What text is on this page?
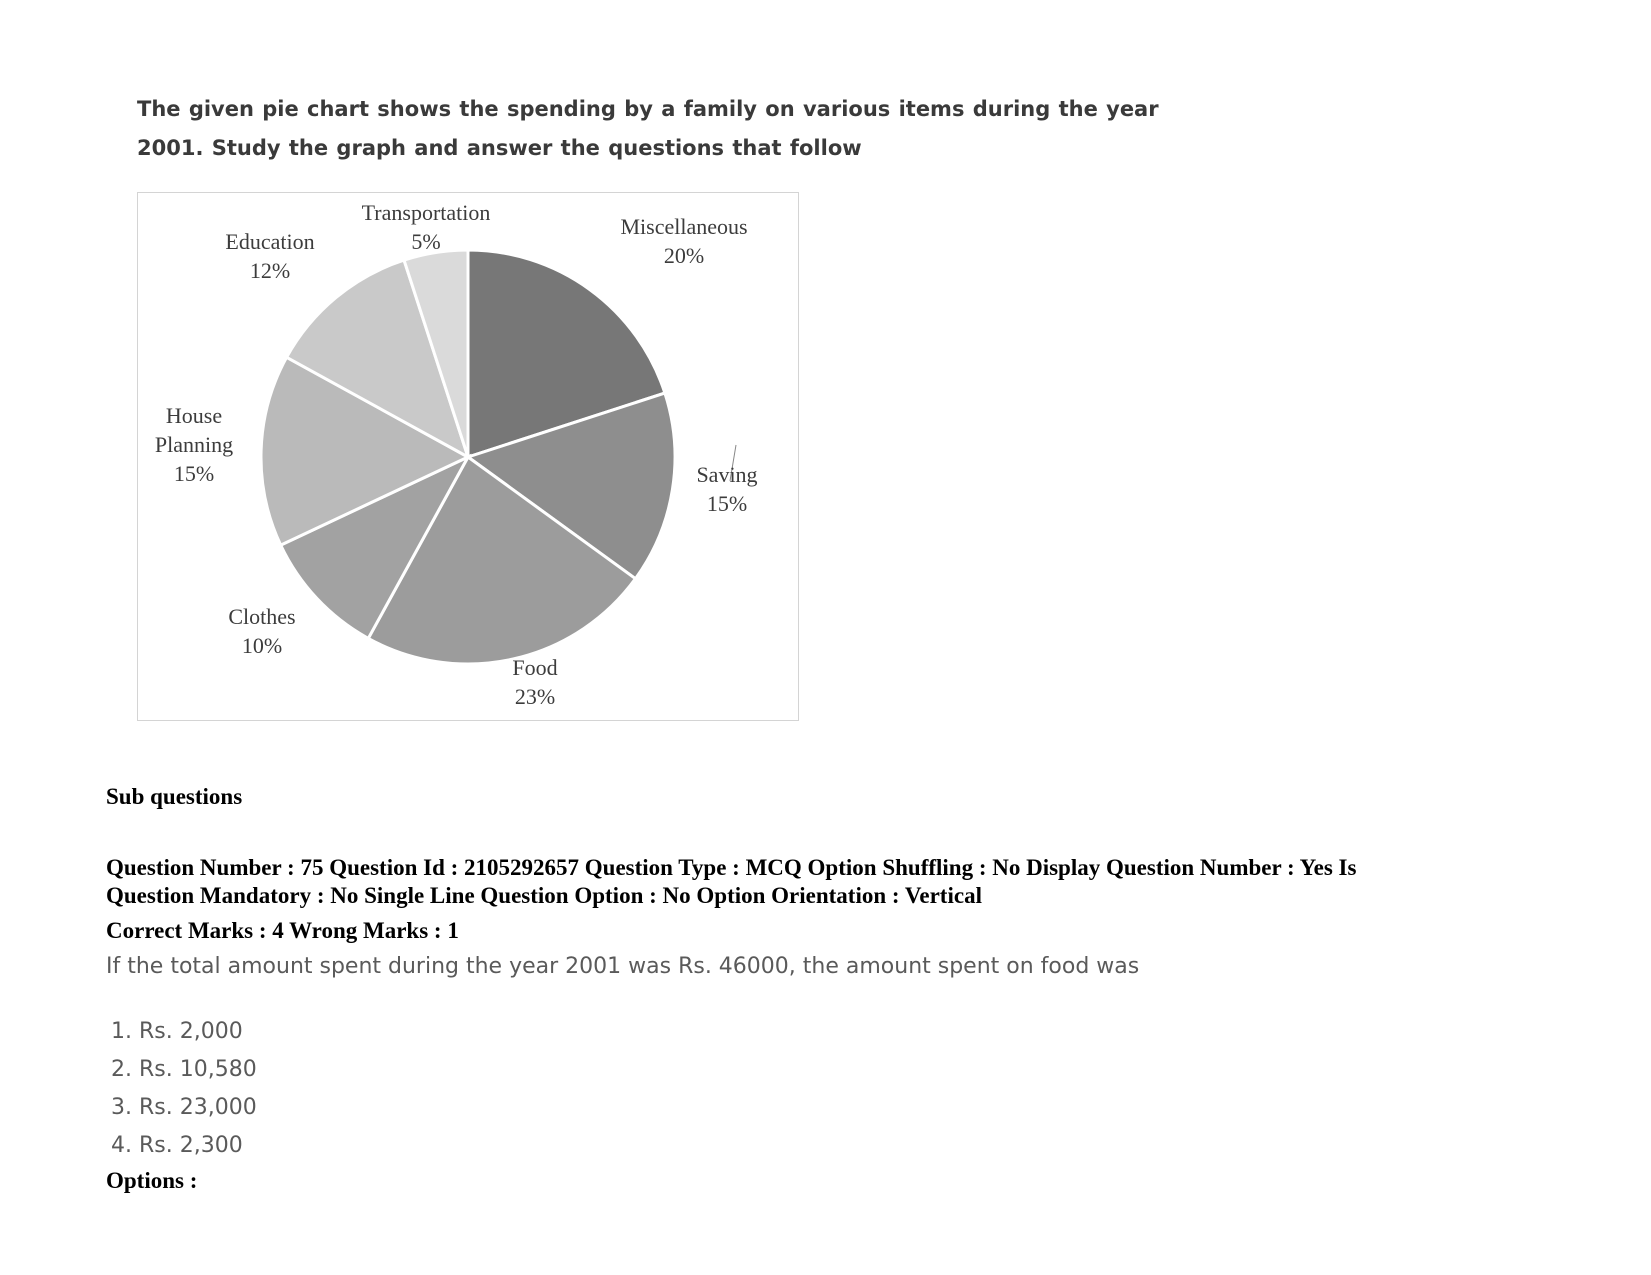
The given pie chart shows the spending by a family on various items during the year
2001. Study the graph and answer the questions that follow
Miscellaneous
20%
Saving
15%
Food
23%
Clothes
10%
House
Planning
15%
Education
12%
Transportation
5%
Sub questions
Question Number : 75 Question Id : 2105292657 Question Type : MCQ Option Shuffling : No Display Question Number : Yes Is
Question Mandatory : No Single Line Question Option : No Option Orientation : Vertical
Correct Marks : 4 Wrong Marks : 1
If the total amount spent during the year 2001 was Rs. 46000, the amount spent on food was
1. Rs. 2,000
2. Rs. 10,580
3. Rs. 23,000
4. Rs. 2,300
Options :
